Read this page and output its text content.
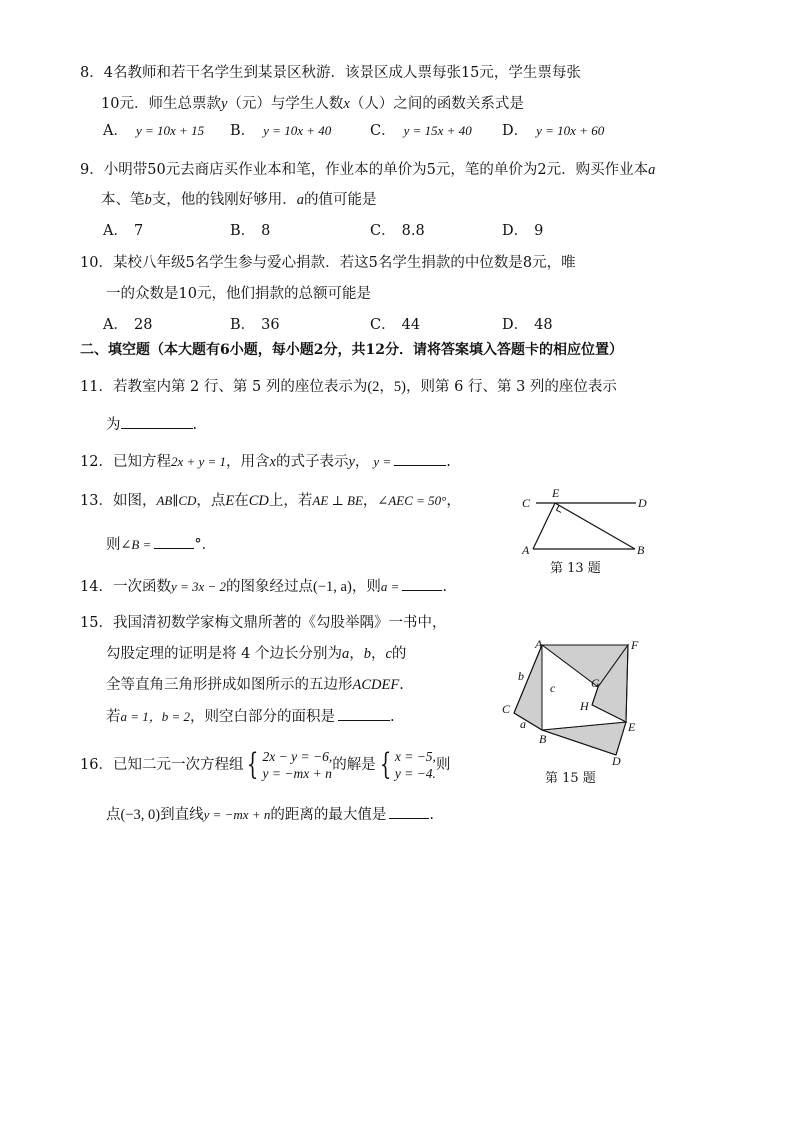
8．4名教师和若干名学生到某景区秋游．该景区成人票每张15元，学生票每张
10元．师生总票款y（元）与学生人数x（人）之间的函数关系式是
A． y = 10x + 15 B． y = 10x + 40	C． y = 15x + 40 D． y = 10x + 60
9．小明带50元去商店买作业本和笔，作业本的单价为5元，笔的单价为2元．购买作业本a
本、笔b支，他的钱刚好够用．a的值可能是
A． 7	B． 8	C． 8.8	D． 9
10．某校八年级5名学生参与爱心捐款．若这5名学生捐款的中位数是8元，唯
一的众数是10元，他们捐款的总额可能是
A． 28	B． 36	C． 44	D． 48
二、填空题（本大题有6小题，每小题2分，共12分．请将答案填入答题卡的相应位置）
11．若教室内第 2 行、第 5 列的座位表示为(2，5)，则第 6 行、第 3 列的座位表示
为	.
12．已知方程2x + y = 1，用含x的式子表示y， y =	.
13．如图，AB∥CD，点E在CD上，若AE ⊥ BE，∠AEC = 50°，
则∠B =	°．
C
E
D
A	B
第 13 题
14．一次函数y = 3x − 2的图象经过点(−1, a)，则a =	.
15．我国清初数学家梅文鼎所著的《勾股举隅》一书中，
勾股定理的证明是将 4 个边长分别为a，b，c的
全等直角三角形拼成如图所示的五边形ACDEF.
若a = 1，b = 2，则空白部分的面积是	.
A	F
b
c	G
C	H
a	E
B
D
第 15 题
16．已知二元一次方程组 { 2x − y = −6,
y = −mx + n
的解是 { x = −5,
y = −4.
则
点(−3, 0)到直线y = −mx + n的距离的最大值是	.
